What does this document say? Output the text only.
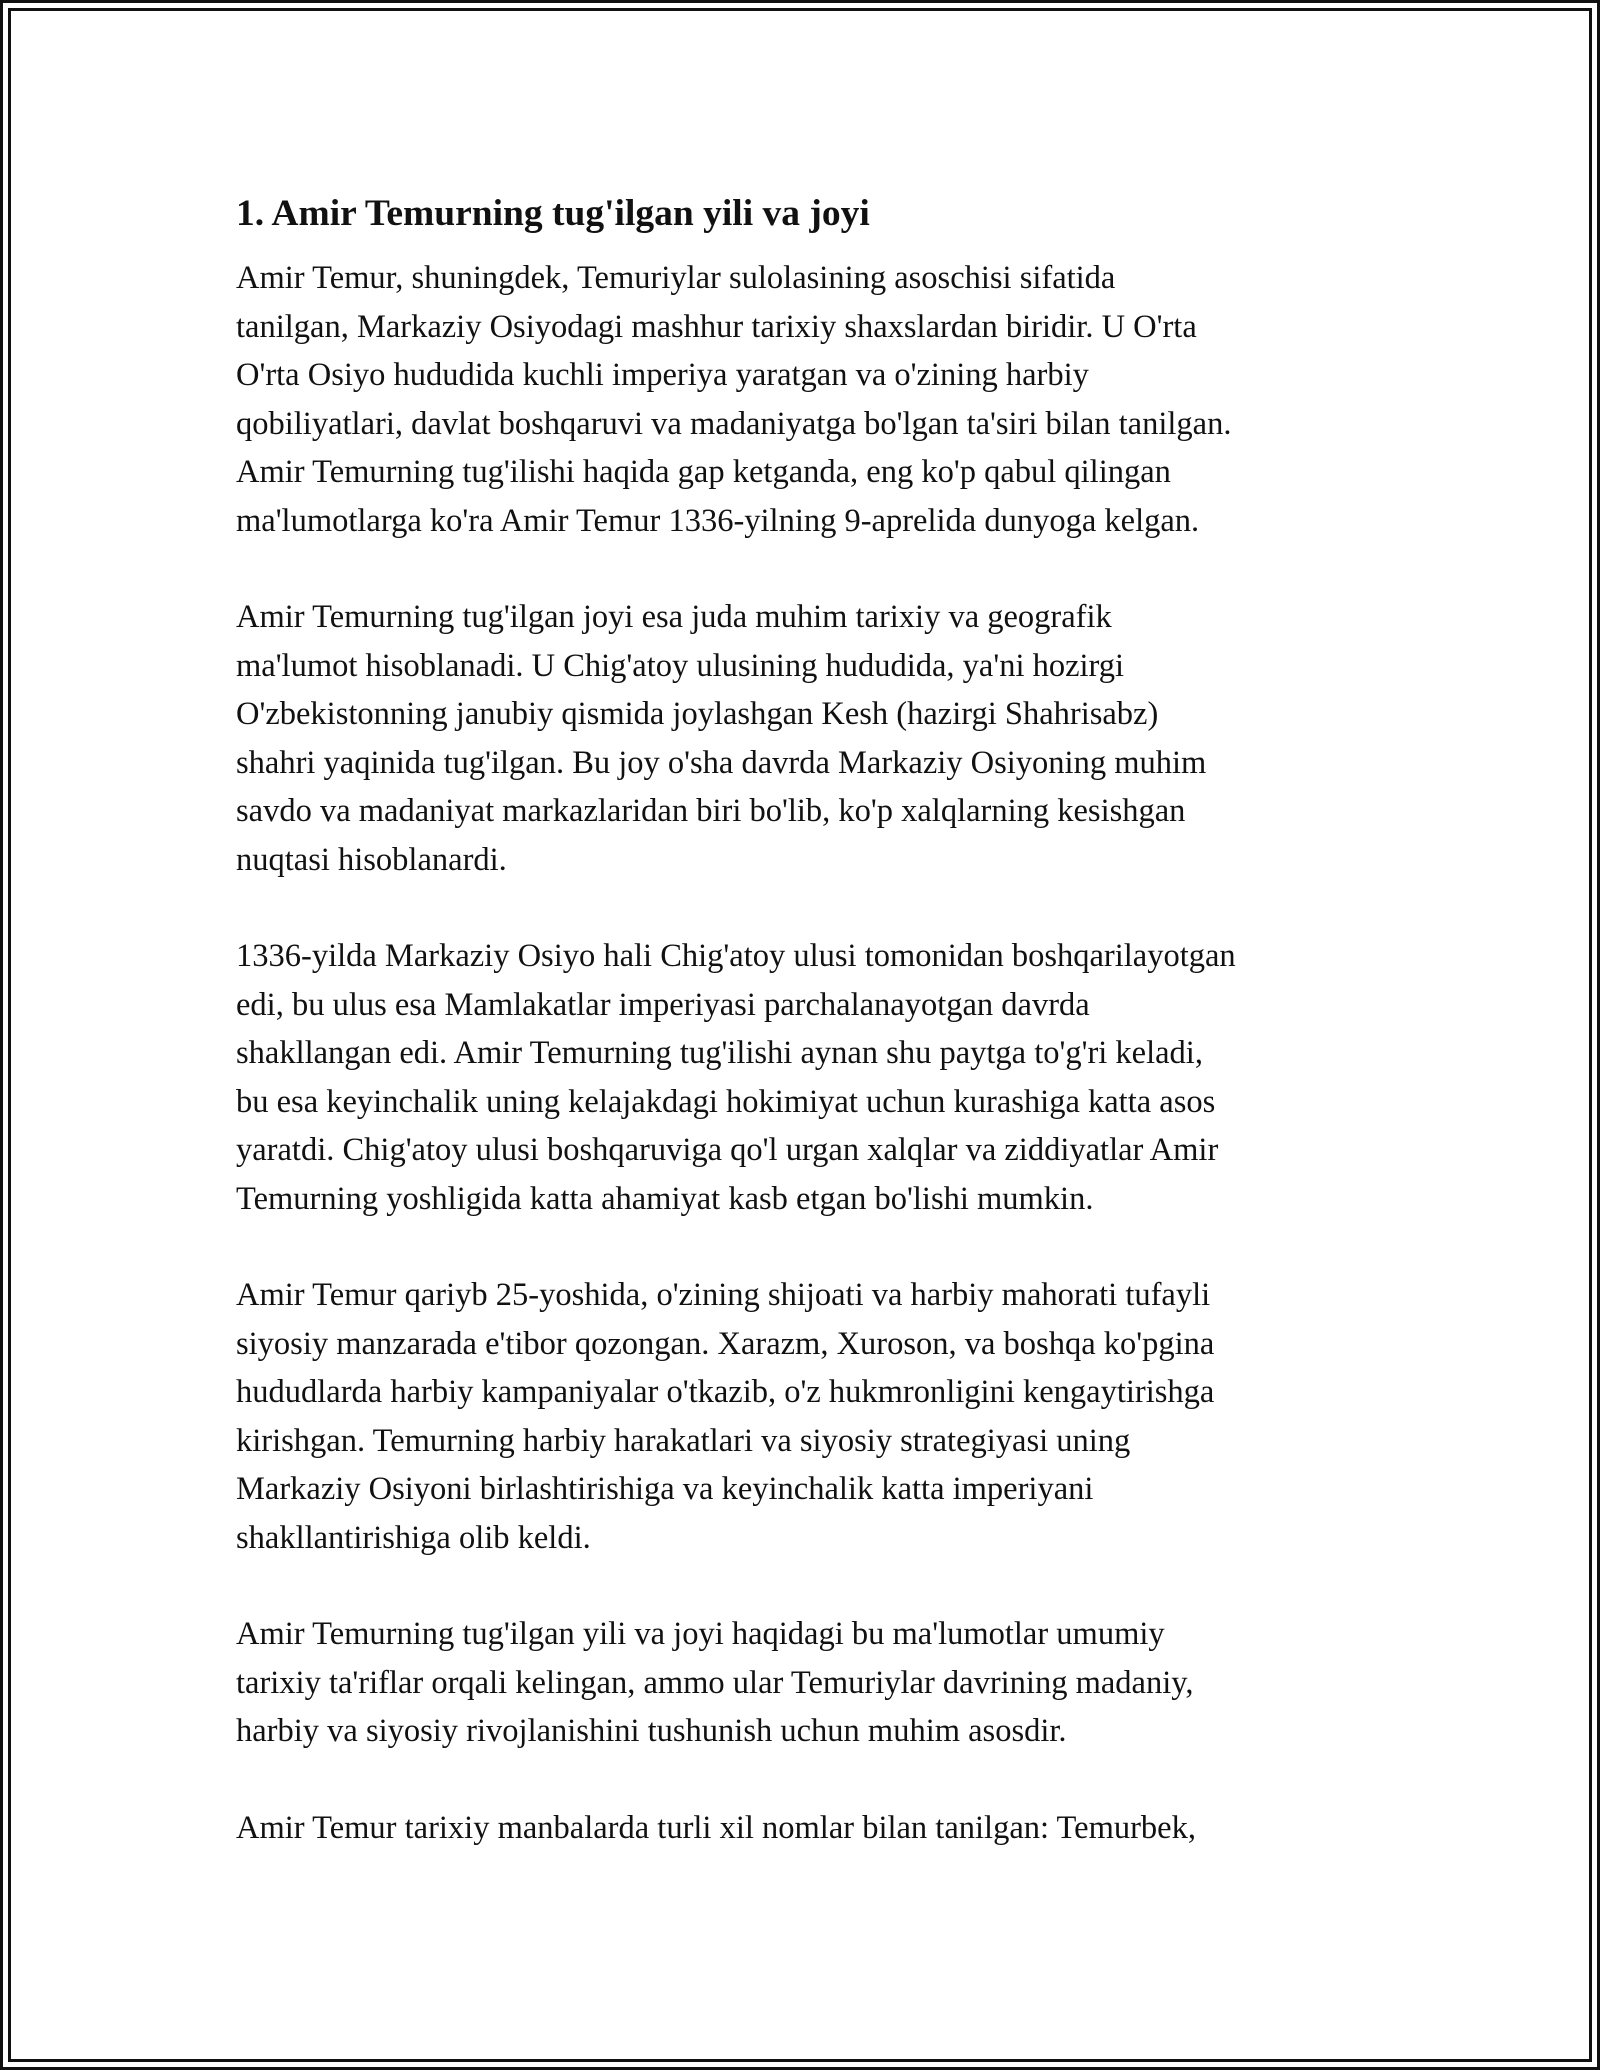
1. Amir Temurning tug'ilgan yili va joyi

Amir Temur, shuningdek, Temuriylar sulolasining asoschisi sifatida
tanilgan, Markaziy Osiyodagi mashhur tarixiy shaxslardan biridir. U O'rta
O'rta Osiyo hududida kuchli imperiya yaratgan va o'zining harbiy
qobiliyatlari, davlat boshqaruvi va madaniyatga bo'lgan ta'siri bilan tanilgan.
Amir Temurning tug'ilishi haqida gap ketganda, eng ko'p qabul qilingan
ma'lumotlarga ko'ra Amir Temur 1336-yilning 9-aprelida dunyoga kelgan.

Amir Temurning tug'ilgan joyi esa juda muhim tarixiy va geografik
ma'lumot hisoblanadi. U Chig'atoy ulusining hududida, ya'ni hozirgi
O'zbekistonning janubiy qismida joylashgan Kesh (hazirgi Shahrisabz)
shahri yaqinida tug'ilgan. Bu joy o'sha davrda Markaziy Osiyoning muhim
savdo va madaniyat markazlaridan biri bo'lib, ko'p xalqlarning kesishgan
nuqtasi hisoblanardi.

1336-yilda Markaziy Osiyo hali Chig'atoy ulusi tomonidan boshqarilayotgan
edi, bu ulus esa Mamlakatlar imperiyasi parchalanayotgan davrda
shakllangan edi. Amir Temurning tug'ilishi aynan shu paytga to'g'ri keladi,
bu esa keyinchalik uning kelajakdagi hokimiyat uchun kurashiga katta asos
yaratdi. Chig'atoy ulusi boshqaruviga qo'l urgan xalqlar va ziddiyatlar Amir
Temurning yoshligida katta ahamiyat kasb etgan bo'lishi mumkin.

Amir Temur qariyb 25-yoshida, o'zining shijoati va harbiy mahorati tufayli
siyosiy manzarada e'tibor qozongan. Xarazm, Xuroson, va boshqa ko'pgina
hududlarda harbiy kampaniyalar o'tkazib, o'z hukmronligini kengaytirishga
kirishgan. Temurning harbiy harakatlari va siyosiy strategiyasi uning
Markaziy Osiyoni birlashtirishiga va keyinchalik katta imperiyani
shakllantirishiga olib keldi.

Amir Temurning tug'ilgan yili va joyi haqidagi bu ma'lumotlar umumiy
tarixiy ta'riflar orqali kelingan, ammo ular Temuriylar davrining madaniy,
harbiy va siyosiy rivojlanishini tushunish uchun muhim asosdir.

Amir Temur tarixiy manbalarda turli xil nomlar bilan tanilgan: Temurbek,
